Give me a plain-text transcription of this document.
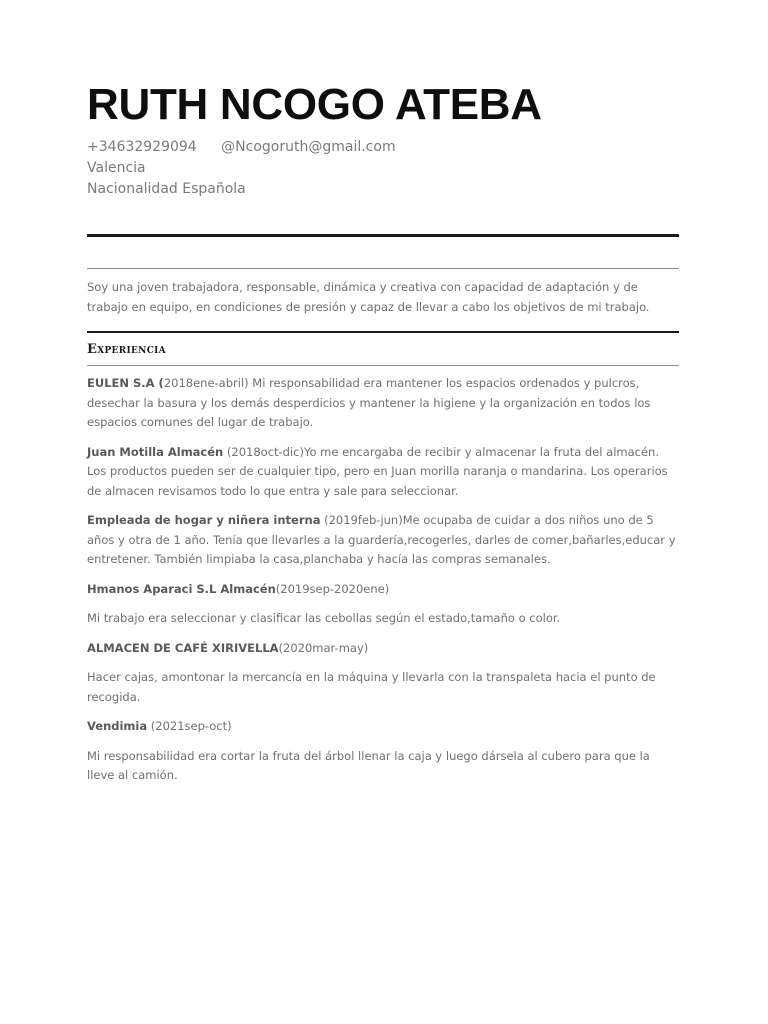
RUTH NCOGO ATEBA
+34632929094 @Ncogoruth@gmail.com
Valencia
Nacionalidad Española

Soy una joven trabajadora, responsable, dinámica y creativa con capacidad de adaptación y de trabajo en equipo, en condiciones de presión y capaz de llevar a cabo los objetivos de mi trabajo.

Experiencia

EULEN S.A (2018ene-abril) Mi responsabilidad era mantener los espacios ordenados y pulcros, desechar la basura y los demás desperdicios y mantener la higiene y la organización en todos los espacios comunes del lugar de trabajo.

Juan Motilla Almacén (2018oct-dic)Yo me encargaba de recibir y almacenar la fruta del almacén. Los productos pueden ser de cualquier tipo, pero en Juan morilla naranja o mandarina. Los operarios de almacen revisamos todo lo que entra y sale para seleccionar.

Empleada de hogar y niñera interna (2019feb-jun)Me ocupaba de cuidar a dos niños uno de 5 años y otra de 1 año. Tenía que llevarles a la guardería,recogerles, darles de comer,bañarles,educar y entretener. También limpiaba la casa,planchaba y hacía las compras semanales.

Hmanos Aparaci S.L Almacén(2019sep-2020ene)

Mi trabajo era seleccionar y clasificar las cebollas según el estado,tamaño o color.

ALMACEN DE CAFÉ XIRIVELLA(2020mar-may)

Hacer cajas, amontonar la mercancía en la máquina y llevarla con la transpaleta hacia el punto de recogida.

Vendimia (2021sep-oct)

Mi responsabilidad era cortar la fruta del árbol llenar la caja y luego dársela al cubero para que la lleve al camión.
